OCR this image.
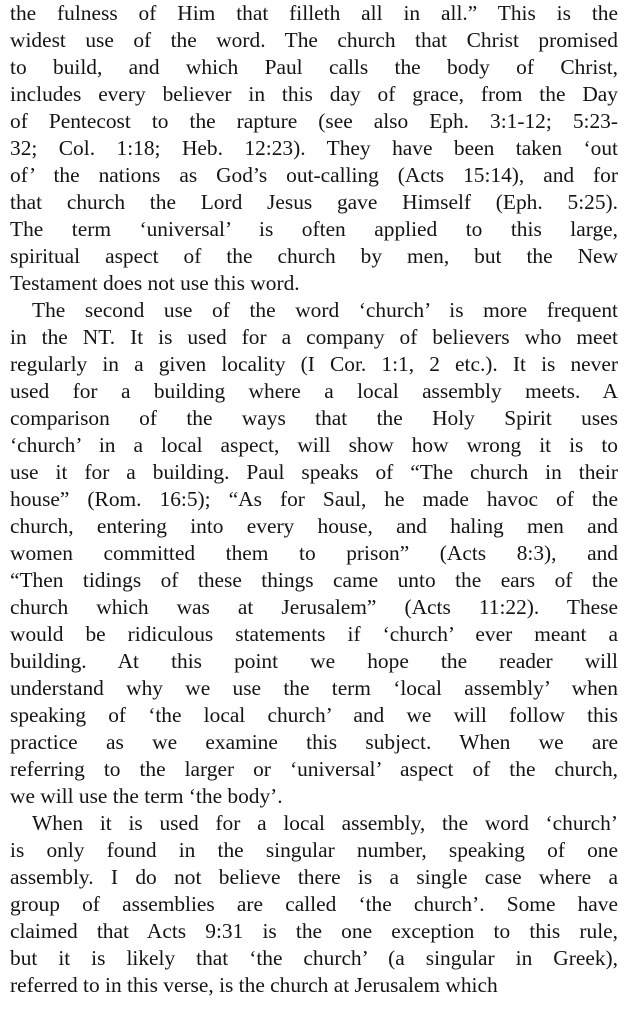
the fulness of Him that filleth all in all.” This is the
widest use of the word. The church that Christ promised
to build, and which Paul calls the body of Christ,
includes every believer in this day of grace, from the Day
of Pentecost to the rapture (see also Eph. 3:1-12; 5:23-
32; Col. 1:18; Heb. 12:23). They have been taken ‘out
of’ the nations as God’s out-calling (Acts 15:14), and for
that church the Lord Jesus gave Himself (Eph. 5:25).
The term ‘universal’ is often applied to this large,
spiritual aspect of the church by men, but the New
Testament does not use this word.
The second use of the word ‘church’ is more frequent
in the NT. It is used for a company of believers who meet
regularly in a given locality (I Cor. 1:1, 2 etc.). It is never
used for a building where a local assembly meets. A
comparison of the ways that the Holy Spirit uses
‘church’ in a local aspect, will show how wrong it is to
use it for a building. Paul speaks of “The church in their
house” (Rom. 16:5); “As for Saul, he made havoc of the
church, entering into every house, and haling men and
women committed them to prison” (Acts 8:3), and
“Then tidings of these things came unto the ears of the
church which was at Jerusalem” (Acts 11:22). These
would be ridiculous statements if ‘church’ ever meant a
building. At this point we hope the reader will
understand why we use the term ‘local assembly’ when
speaking of ‘the local church’ and we will follow this
practice as we examine this subject. When we are
referring to the larger or ‘universal’ aspect of the church,
we will use the term ‘the body’.
When it is used for a local assembly, the word ‘church’
is only found in the singular number, speaking of one
assembly. I do not believe there is a single case where a
group of assemblies are called ‘the church’. Some have
claimed that Acts 9:31 is the one exception to this rule,
but it is likely that ‘the church’ (a singular in Greek),
referred to in this verse, is the church at Jerusalem which
